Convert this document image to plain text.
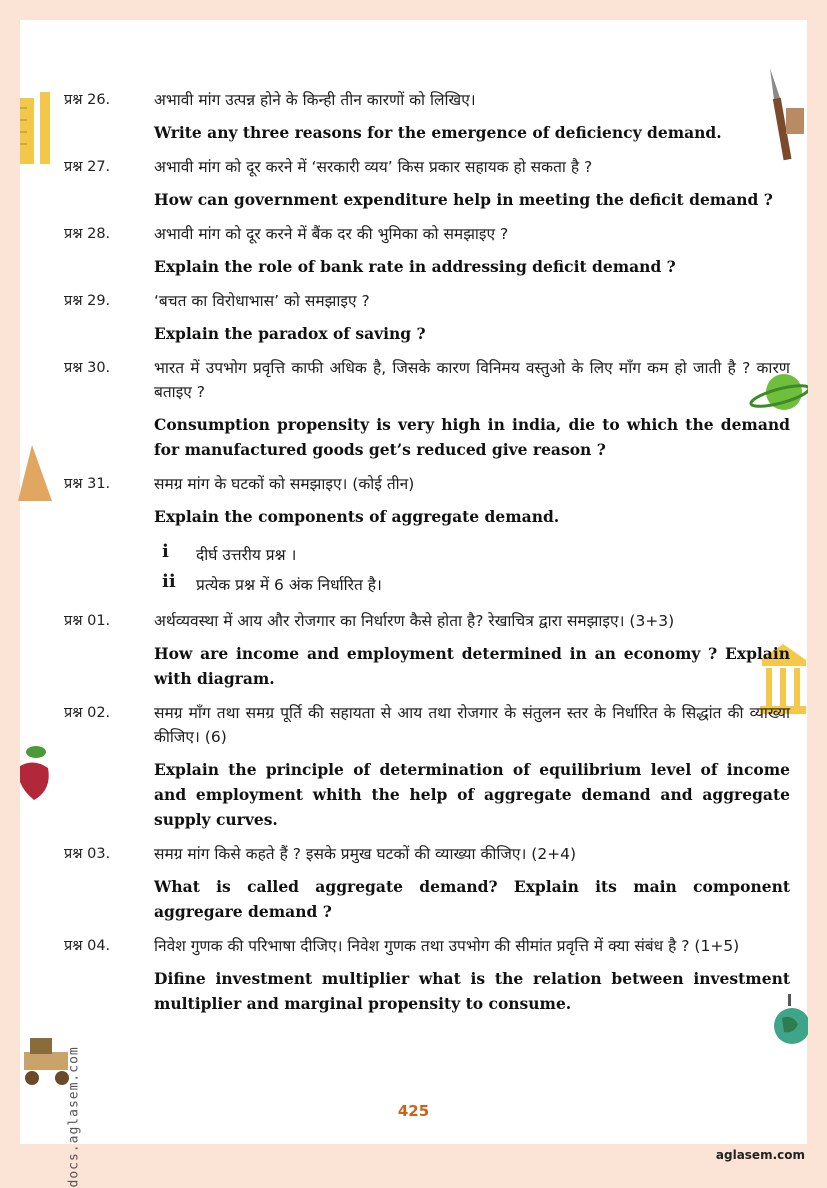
docs.aglasem.com
प्रश्न 26.	अभावी मांग उत्पन्न होने के किन्ही तीन कारणों को लिखिए।
Write any three reasons for the emergence of deficiency demand.
प्रश्न 27.	अभावी मांग को दूर करने में ‘सरकारी व्यय’ किस प्रकार सहायक हो सकता है ?
How can government expenditure help in meeting the deficit demand ?
प्रश्न 28.	अभावी मांग को दूर करने में बैंक दर की भुमिका को समझाइए ?
Explain the role of bank rate in addressing deficit demand ?
प्रश्न 29.	‘बचत का विरोधाभास’ को समझाइए ?
Explain the paradox of saving ?
प्रश्न 30.	भारत में उपभोग प्रवृत्ति काफी अधिक है, जिसके कारण विनिमय वस्तुओ के लिए माँग कम हो जाती है ? कारण बताइए ?
Consumption propensity is very high in india, die to which the demand for manufactured goods get’s reduced give reason ?
प्रश्न 31.	समग्र मांग के घटकों को समझाइए। (कोई तीन)
Explain the components of aggregate demand.
i दीर्घ उत्तरीय प्रश्न ।
ii प्रत्येक प्रश्न में 6 अंक निर्धारित है।
प्रश्न 01.	अर्थव्यवस्था में आय और रोजगार का निर्धारण कैसे होता है? रेखाचित्र द्वारा समझाइए। (3+3)
How are income and employment determined in an economy ? Explain with diagram.
प्रश्न 02.	समग्र माँग तथा समग्र पूर्ति की सहायता से आय तथा रोजगार के संतुलन स्तर के निर्धारित के सिद्धांत की व्याख्या कीजिए। (6)
Explain the principle of determination of equilibrium level of income and employment whith the help of aggregate demand and aggregate supply curves.
प्रश्न 03.	समग्र मांग किसे कहते हैं ? इसके प्रमुख घटकों की व्याख्या कीजिए। (2+4)
What is called aggregate demand? Explain its main component aggregare demand ?
प्रश्न 04.	निवेश गुणक की परिभाषा दीजिए। निवेश गुणक तथा उपभोग की सीमांत प्रवृत्ति में क्या संबंध है ? (1+5)
Difine investment multiplier what is the relation between investment multiplier and marginal propensity to consume.
425
aglasem.com
